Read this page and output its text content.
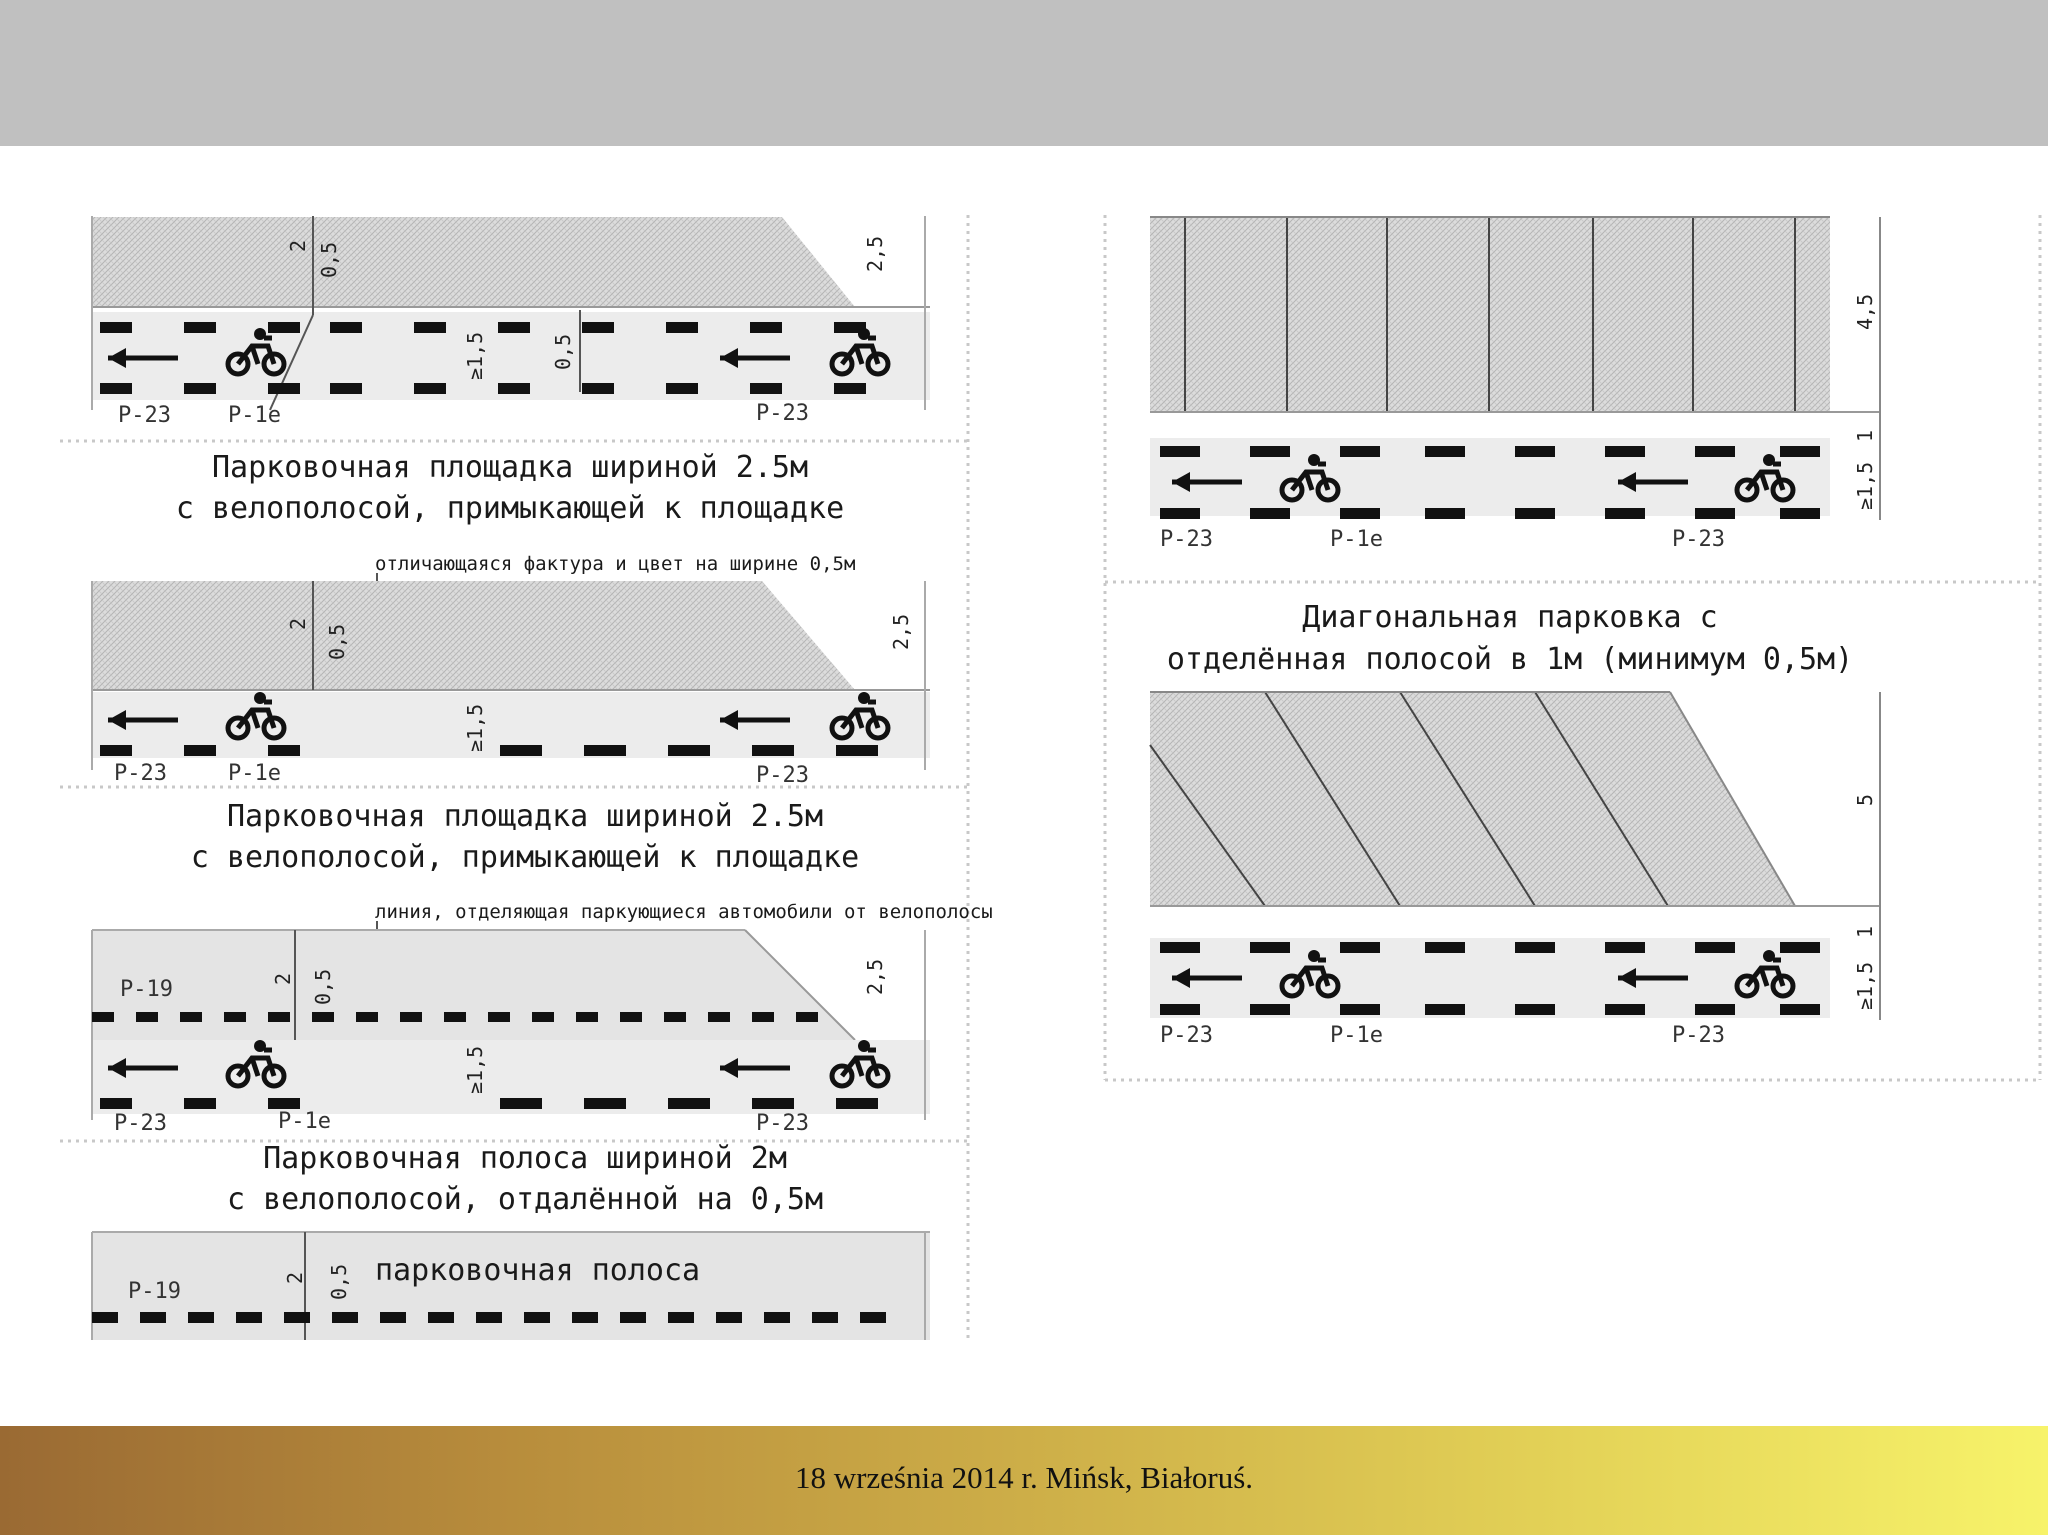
2 0,5	2,5
≥1,5	0,5
P-23	P-1e	P-23
Парковочная площадка шириной 2.5м
с велополосой, примыкающей к площадке
отличающаяся фактура и цвет на ширине 0,5м
2 0,5	2,5
≥1,5
P-23	P-1e	P-23
Парковочная площадка шириной 2.5м
с велополосой, примыкающей к площадке
линия, отделяющая паркующиеся автомобили от велополосы
P-19	2 0,5	2,5
≥1,5
P-23	P-1e	P-23
Парковочная полоса шириной 2м
с велополосой, отдалённой на 0,5м
парковочная полоса
P-19
2 0,5
4,5
1
≥1,5
P-23	P-1e	P-23
Диагональная парковка с
отделённая полосой в 1м (минимум 0,5м)
5
1
≥1,5
P-23	P-1e	P-23
18 września 2014 r. Mińsk, Białoruś.
